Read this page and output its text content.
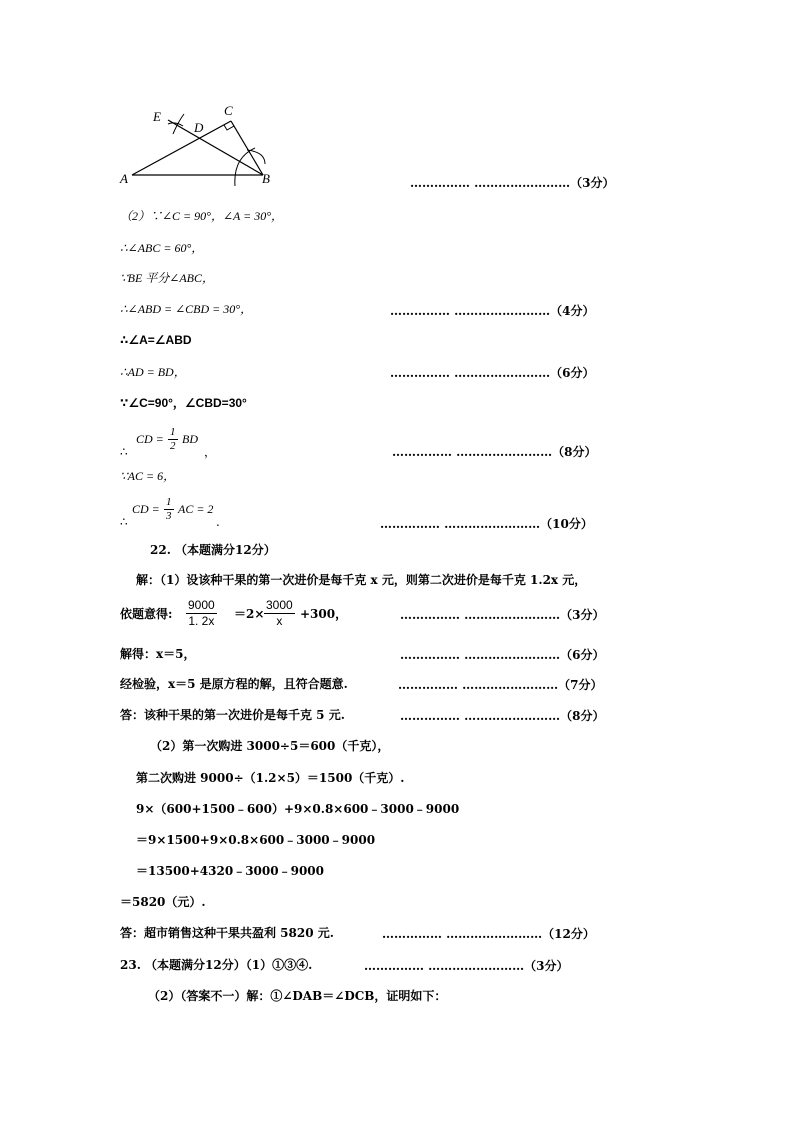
A	B
C
D
E
…………… ……………………（3分）
（2）∵∠C = 90°，∠A = 30°，
∴∠ABC = 60°，
∵BE 平分∠ABC，
∴∠ABD = ∠CBD = 30°，	…………… ……………………（4分）
∴∠A=∠ABD
∴AD = BD，	…………… ……………………（6分）
∵∠C=90°，∠CBD=30°
∴
CD = $\frac{1}{2}$ BD
，	…………… ……………………（8分）
∵AC = 6，
∴
CD = $\frac{1}{3}$ AC = 2
.	…………… ……………………（10分）
22. （本题满分12分）
解：（1）设该种干果的第一次进价是每千克 x 元，则第二次进价是每千克 1.2x 元，
依题意得: $\frac{9000}{1. 2x} =2\times \frac{3000}{x} +300$，	…………… ……………………（3分）
解得：x＝5，	…………… ……………………（6分）
经检验，x＝5 是原方程的解，且符合题意.	…………… ……………………（7分）
答：该种干果的第一次进价是每千克 5 元.	…………… ……………………（8分）
（2）第一次购进 3000÷5＝600（千克），
第二次购进 9000÷（1.2×5）＝1500（千克）.
9×（600+1500﹣600）+9×0.8×600﹣3000﹣9000
＝9×1500+9×0.8×600﹣3000﹣9000
＝13500+4320﹣3000﹣9000
＝5820（元）.
答：超市销售这种干果共盈利 5820 元.	…………… ……………………（12分）
23. （本题满分12分）（1）①③④.	…………… ……………………（3分）
（2）（答案不一）解：①∠DAB＝∠DCB，证明如下：
